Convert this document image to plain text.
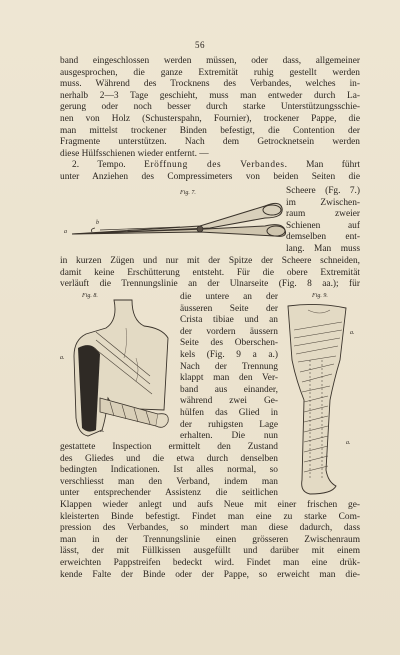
56
band eingeschlossen werden müssen, oder dass, allgemeiner
ausgesprochen, die ganze Extremität ruhig gestellt werden
muss. Während des Trocknens des Verbandes, welches in-
nerhalb 2—3 Tage geschieht, muss man entweder durch La-
gerung oder noch besser durch starke Unterstützungsschie-
nen von Holz (Schusterspahn, Fournier), trockener Pappe, die
man mittelst trockener Binden befestigt, die Contention der
Fragmente unterstützen. Nach dem Getrocknetsein werden
diese Hülfsschienen wieder entfernt. —
2. Tempo. Eröffnung des Verbandes. Man führt
unter Anziehen des Compressimeters von beiden Seiten die
Fig. 7.
b
a
Scheere (Fg. 7.)
im Zwischen-
raum zweier
Schienen auf
demselben ent-
lang. Man muss
in kurzen Zügen und nur mit der Spitze der Scheere schneiden,
damit keine Erschütterung entsteht. Für die obere Extremität
verläuft die Trennungslinie an der Ulnarseite (Fig. 8 aa.); für
Fig. 8.
a.
a.
die untere an der
äusseren Seite der
Crista tibiae und an
der vordern äussern
Seite des Oberschen-
kels (Fig. 9 a a.)
Nach der Trennung
klappt man den Ver-
band aus einander,
während zwei Ge-
hülfen das Glied in
der ruhigsten Lage
erhalten. Die nun
Fig. 9.
a.
a.
gestattete Inspection ermittelt den Zustand
des Gliedes und die etwa durch denselben
bedingten Indicationen. Ist alles normal, so
verschliesst man den Verband, indem man
unter entsprechender Assistenz die seitlichen
Klappen wieder anlegt und aufs Neue mit einer frischen ge-
kleisterten Binde befestigt. Findet man eine zu starke Com-
pression des Verbandes, so mindert man diese dadurch, dass
man in der Trennungslinie einen grösseren Zwischenraum
lässt, der mit Füllkissen ausgefüllt und darüber mit einem
erweichten Pappstreifen bedeckt wird. Findet man eine drük-
kende Falte der Binde oder der Pappe, so erweicht man die-
